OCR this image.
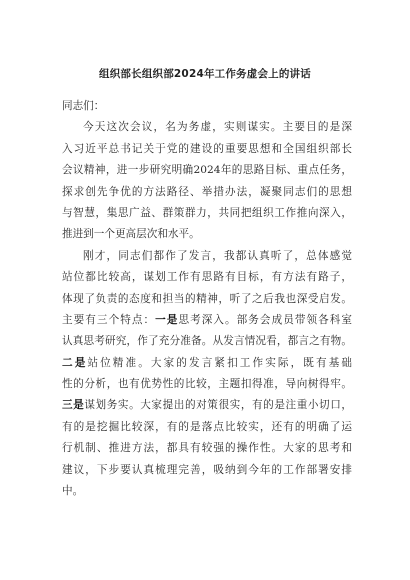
组织部长组织部2024年工作务虚会上的讲话
同志们：
今天这次会议，名为务虚，实则谋实。主要目的是深
入习近平总书记关于党的建设的重要思想和全国组织部长
会议精神，进一步研究明确2024年的思路目标、重点任务，
探求创先争优的方法路径、举措办法，凝聚同志们的思想
与智慧，集思广益、群策群力，共同把组织工作推向深入，
推进到一个更高层次和水平。
刚才，同志们都作了发言，我都认真听了，总体感觉
站位都比较高，谋划工作有思路有目标，有方法有路子，
体现了负责的态度和担当的精神，听了之后我也深受启发。
主要有三个特点：一是思考深入。部务会成员带领各科室
认真思考研究，作了充分准备。从发言情况看，都言之有物。
二是站位精准。大家的发言紧扣工作实际，既有基础
性的分析，也有优势性的比较，主题扣得准，导向树得牢。
三是谋划务实。大家提出的对策很实，有的是注重小切口，
有的是挖掘比较深，有的是落点比较实，还有的明确了运
行机制、推进方法，都具有较强的操作性。大家的思考和
建议，下步要认真梳理完善，吸纳到今年的工作部署安排
中。
